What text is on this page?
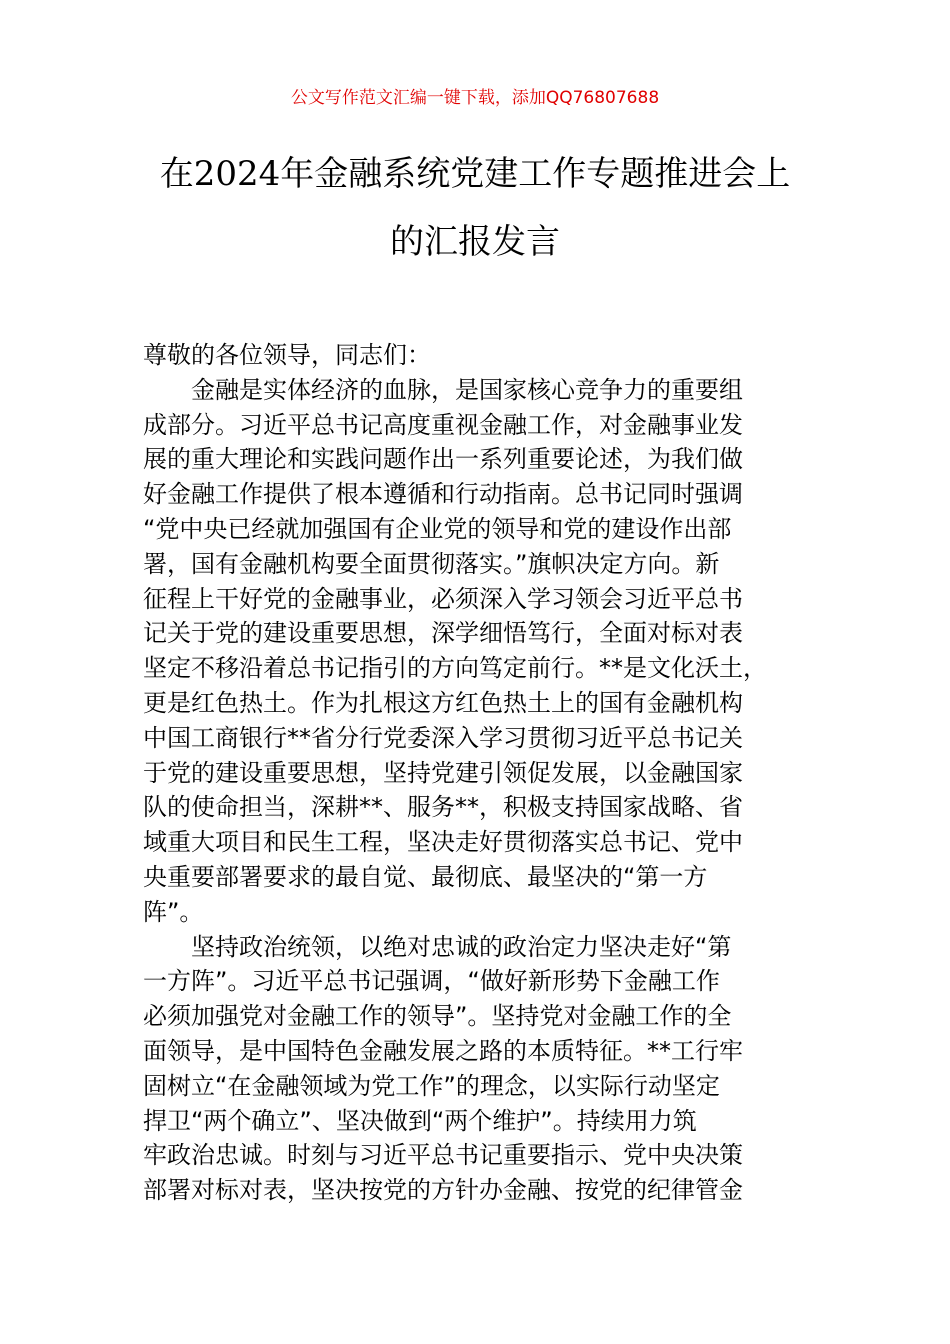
公文写作范文汇编一键下载，添加QQ76807688
在2024年金融系统党建工作专题推进会上
的汇报发言
尊敬的各位领导，同志们：
金融是实体经济的血脉，是国家核心竞争力的重要组
成部分。习近平总书记高度重视金融工作，对金融事业发
展的重大理论和实践问题作出一系列重要论述，为我们做
好金融工作提供了根本遵循和行动指南。总书记同时强调
“党中央已经就加强国有企业党的领导和党的建设作出部
署，国有金融机构要全面贯彻落实。”旗帜决定方向。新
征程上干好党的金融事业，必须深入学习领会习近平总书
记关于党的建设重要思想，深学细悟笃行，全面对标对表
坚定不移沿着总书记指引的方向笃定前行。**是文化沃土，
更是红色热土。作为扎根这方红色热土上的国有金融机构
中国工商银行**省分行党委深入学习贯彻习近平总书记关
于党的建设重要思想，坚持党建引领促发展，以金融国家
队的使命担当，深耕**、服务**，积极支持国家战略、省
域重大项目和民生工程，坚决走好贯彻落实总书记、党中
央重要部署要求的最自觉、最彻底、最坚决的“第一方
阵”。
坚持政治统领，以绝对忠诚的政治定力坚决走好“第
一方阵”。习近平总书记强调，“做好新形势下金融工作
必须加强党对金融工作的领导”。坚持党对金融工作的全
面领导，是中国特色金融发展之路的本质特征。**工行牢
固树立“在金融领域为党工作”的理念，以实际行动坚定
捍卫“两个确立”、坚决做到“两个维护”。持续用力筑
牢政治忠诚。时刻与习近平总书记重要指示、党中央决策
部署对标对表，坚决按党的方针办金融、按党的纪律管金
